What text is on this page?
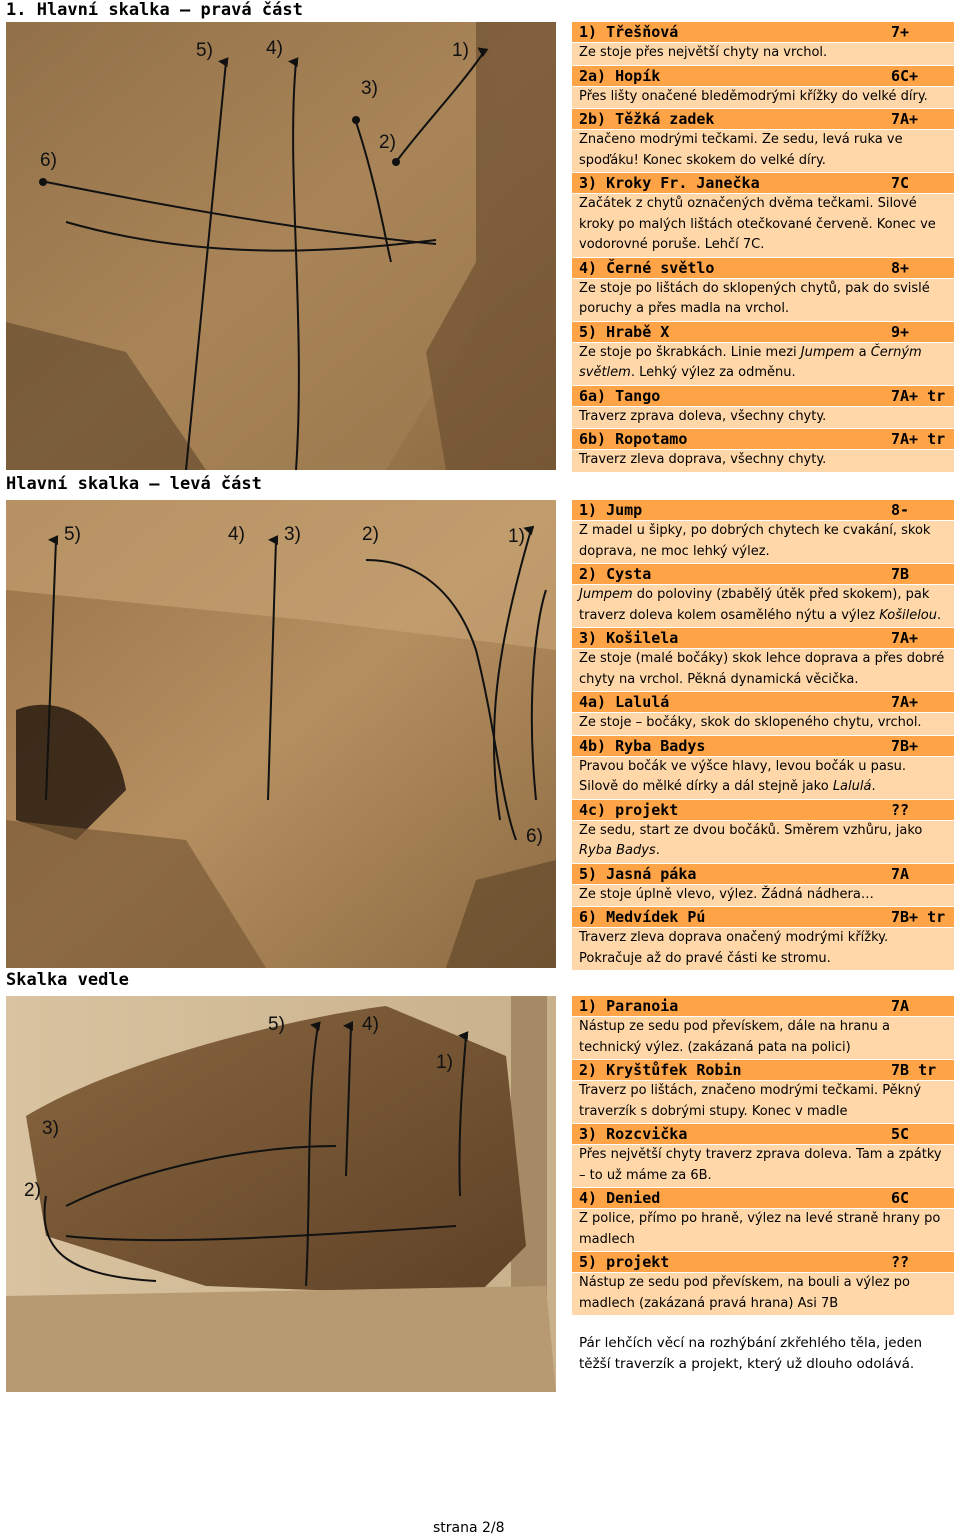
1. Hlavní skalka – pravá část
5)	4)	1)
3)
2)
6)
1) Třešňová	7+
Ze stoje přes největší chyty na vrchol.
2a) Hopík	6C+
Přes lišty onačené bleděmodrými křížky do velké díry.
2b) Těžká zadek	7A+
Značeno modrými tečkami. Ze sedu, levá ruka ve spoďáku! Konec skokem do velké díry.
3) Kroky Fr. Janečka	7C
Začátek z chytů označených dvěma tečkami. Silové kroky po malých lištách otečkované červeně. Konec ve vodorovné poruše. Lehčí 7C.
4) Černé světlo	8+
Ze stoje po lištách do sklopených chytů, pak do svislé poruchy a přes madla na vrchol.
5) Hrabě X	9+
Ze stoje po škrabkách. Linie mezi Jumpem a Černým světlem. Lehký výlez za odměnu.
6a) Tango	7A+ tr
Traverz zprava doleva, všechny chyty.
6b) Ropotamo	7A+ tr
Traverz zleva doprava, všechny chyty.
Hlavní skalka – levá část
5)	4) 3)	2)	1)
6)
1) Jump	8-
Z madel u šipky, po dobrých chytech ke cvakání, skok doprava, ne moc lehký výlez.
2) Cysta	7B
Jumpem do poloviny (zbabělý útěk před skokem), pak traverz doleva kolem osamělého nýtu a výlez Košilelou.
3) Košilela	7A+
Ze stoje (malé bočáky) skok lehce doprava a přes dobré chyty na vrchol. Pěkná dynamická věcička.
4a) Lalulá	7A+
Ze stoje – bočáky, skok do sklopeného chytu, vrchol.
4b) Ryba Badys	7B+
Pravou bočák ve výšce hlavy, levou bočák u pasu. Silově do mělké dírky a dál stejně jako Lalulá.
4c) projekt	??
Ze sedu, start ze dvou bočáků. Směrem vzhůru, jako Ryba Badys.
5) Jasná páka	7A
Ze stoje úplně vlevo, výlez. Žádná nádhera…
6) Medvídek Pú	7B+ tr
Traverz zleva doprava onačený modrými křížky. Pokračuje až do pravé části ke stromu.
Skalka vedle
5)	4)
1)
3)
2)
1) Paranoia	7A
Nástup ze sedu pod převískem, dále na hranu a technický výlez. (zakázaná pata na polici)
2) Kryštůfek Robin	7B tr
Traverz po lištách, značeno modrými tečkami. Pěkný traverzík s dobrými stupy. Konec v madle
3) Rozcvička	5C
Přes největší chyty traverz zprava doleva. Tam a zpátky – to už máme za 6B.
4) Denied	6C
Z police, přímo po hraně, výlez na levé straně hrany po madlech
5) projekt	??
Nástup ze sedu pod převískem, na bouli a výlez po madlech (zakázaná pravá hrana) Asi 7B
Pár lehčích věcí na rozhýbání zkřehlého těla, jeden těžší traverzík a projekt, který už dlouho odolává.
strana 2/8
